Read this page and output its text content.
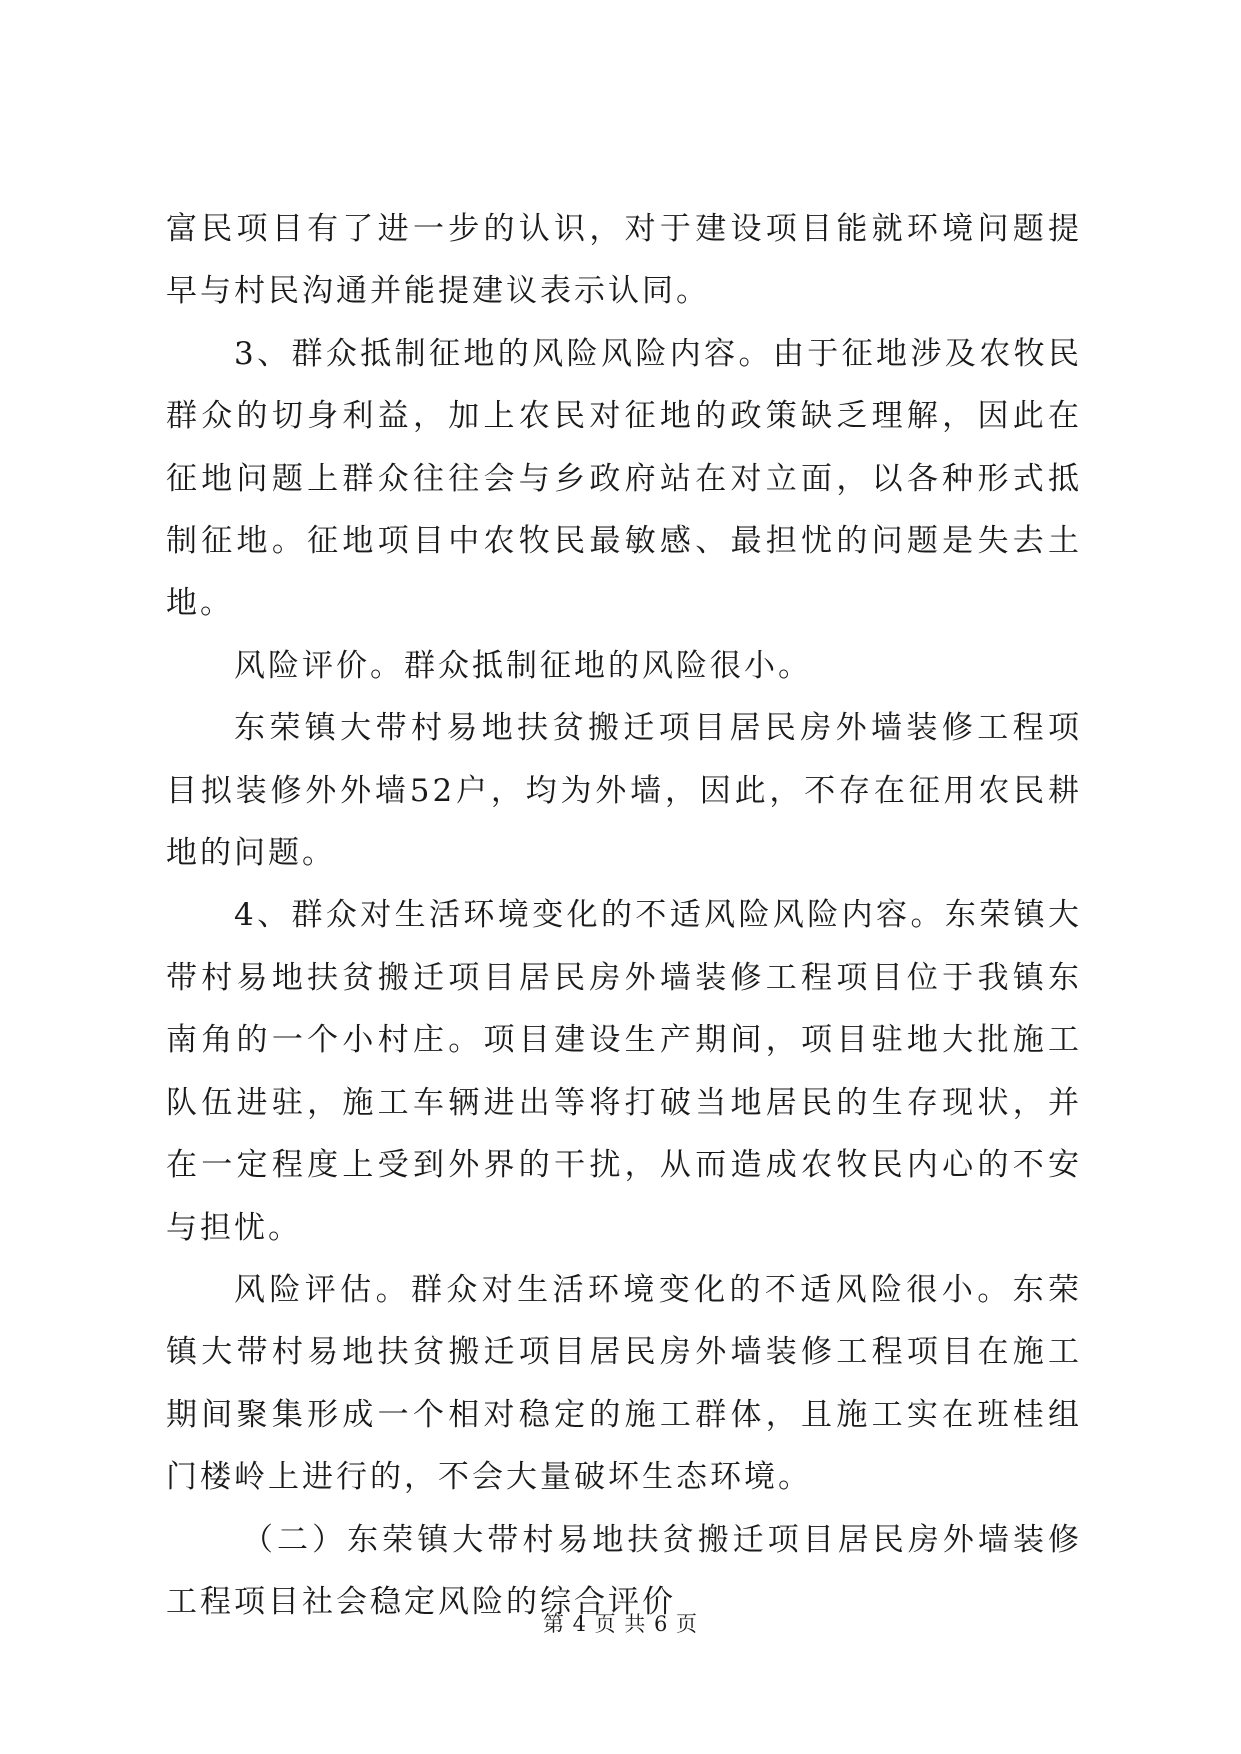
富民项目有了进一步的认识，对于建设项目能就环境问题提早与村民沟通并能提建议表示认同。

3、群众抵制征地的风险风险内容。由于征地涉及农牧民群众的切身利益，加上农民对征地的政策缺乏理解，因此在征地问题上群众往往会与乡政府站在对立面，以各种形式抵制征地。征地项目中农牧民最敏感、最担忧的问题是失去土地。

风险评价。群众抵制征地的风险很小。

东荣镇大带村易地扶贫搬迁项目居民房外墙装修工程项目拟装修外外墙52户，均为外墙，因此，不存在征用农民耕地的问题。

4、群众对生活环境变化的不适风险风险内容。东荣镇大带村易地扶贫搬迁项目居民房外墙装修工程项目位于我镇东南角的一个小村庄。项目建设生产期间，项目驻地大批施工队伍进驻，施工车辆进出等将打破当地居民的生存现状，并在一定程度上受到外界的干扰，从而造成农牧民内心的不安与担忧。

风险评估。群众对生活环境变化的不适风险很小。东荣镇大带村易地扶贫搬迁项目居民房外墙装修工程项目在施工期间聚集形成一个相对稳定的施工群体，且施工实在班桂组门楼岭上进行的，不会大量破坏生态环境。

（二）东荣镇大带村易地扶贫搬迁项目居民房外墙装修工程项目社会稳定风险的综合评价

第 4 页 共 6 页
